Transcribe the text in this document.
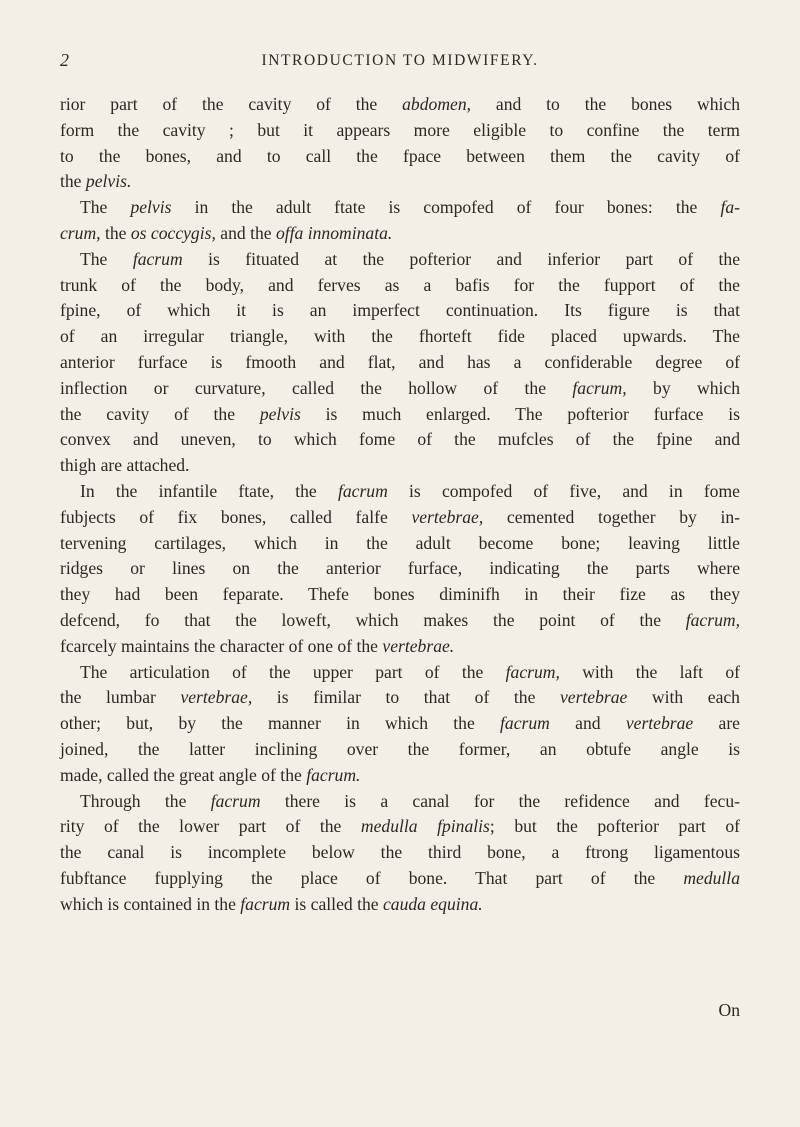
2	INTRODUCTION TO MIDWIFERY.
rior part of the cavity of the abdomen, and to the bones which
form the cavity ; but it appears more eligible to confine the term
to the bones, and to call the fpace between them the cavity of
the pelvis.
The pelvis in the adult ftate is compofed of four bones: the fa-
crum, the os coccygis, and the offa innominata.
The facrum is fituated at the pofterior and inferior part of the
trunk of the body, and ferves as a bafis for the fupport of the
fpine, of which it is an imperfect continuation. Its figure is that
of an irregular triangle, with the fhorteft fide placed upwards. The
anterior furface is fmooth and flat, and has a confiderable degree of
inflection or curvature, called the hollow of the facrum, by which
the cavity of the pelvis is much enlarged. The pofterior furface is
convex and uneven, to which fome of the mufcles of the fpine and
thigh are attached.
In the infantile ftate, the facrum is compofed of five, and in fome
fubjects of fix bones, called falfe vertebrae, cemented together by in-
tervening cartilages, which in the adult become bone; leaving little
ridges or lines on the anterior furface, indicating the parts where
they had been feparate. Thefe bones diminifh in their fize as they
defcend, fo that the loweft, which makes the point of the facrum,
fcarcely maintains the character of one of the vertebrae.
The articulation of the upper part of the facrum, with the laft of
the lumbar vertebrae, is fimilar to that of the vertebrae with each
other; but, by the manner in which the facrum and vertebrae are
joined, the latter inclining over the former, an obtufe angle is
made, called the great angle of the facrum.
Through the facrum there is a canal for the refidence and fecu-
rity of the lower part of the medulla fpinalis; but the pofterior part of
the canal is incomplete below the third bone, a ftrong ligamentous
fubftance fupplying the place of bone. That part of the medulla
which is contained in the facrum is called the cauda equina.
On
